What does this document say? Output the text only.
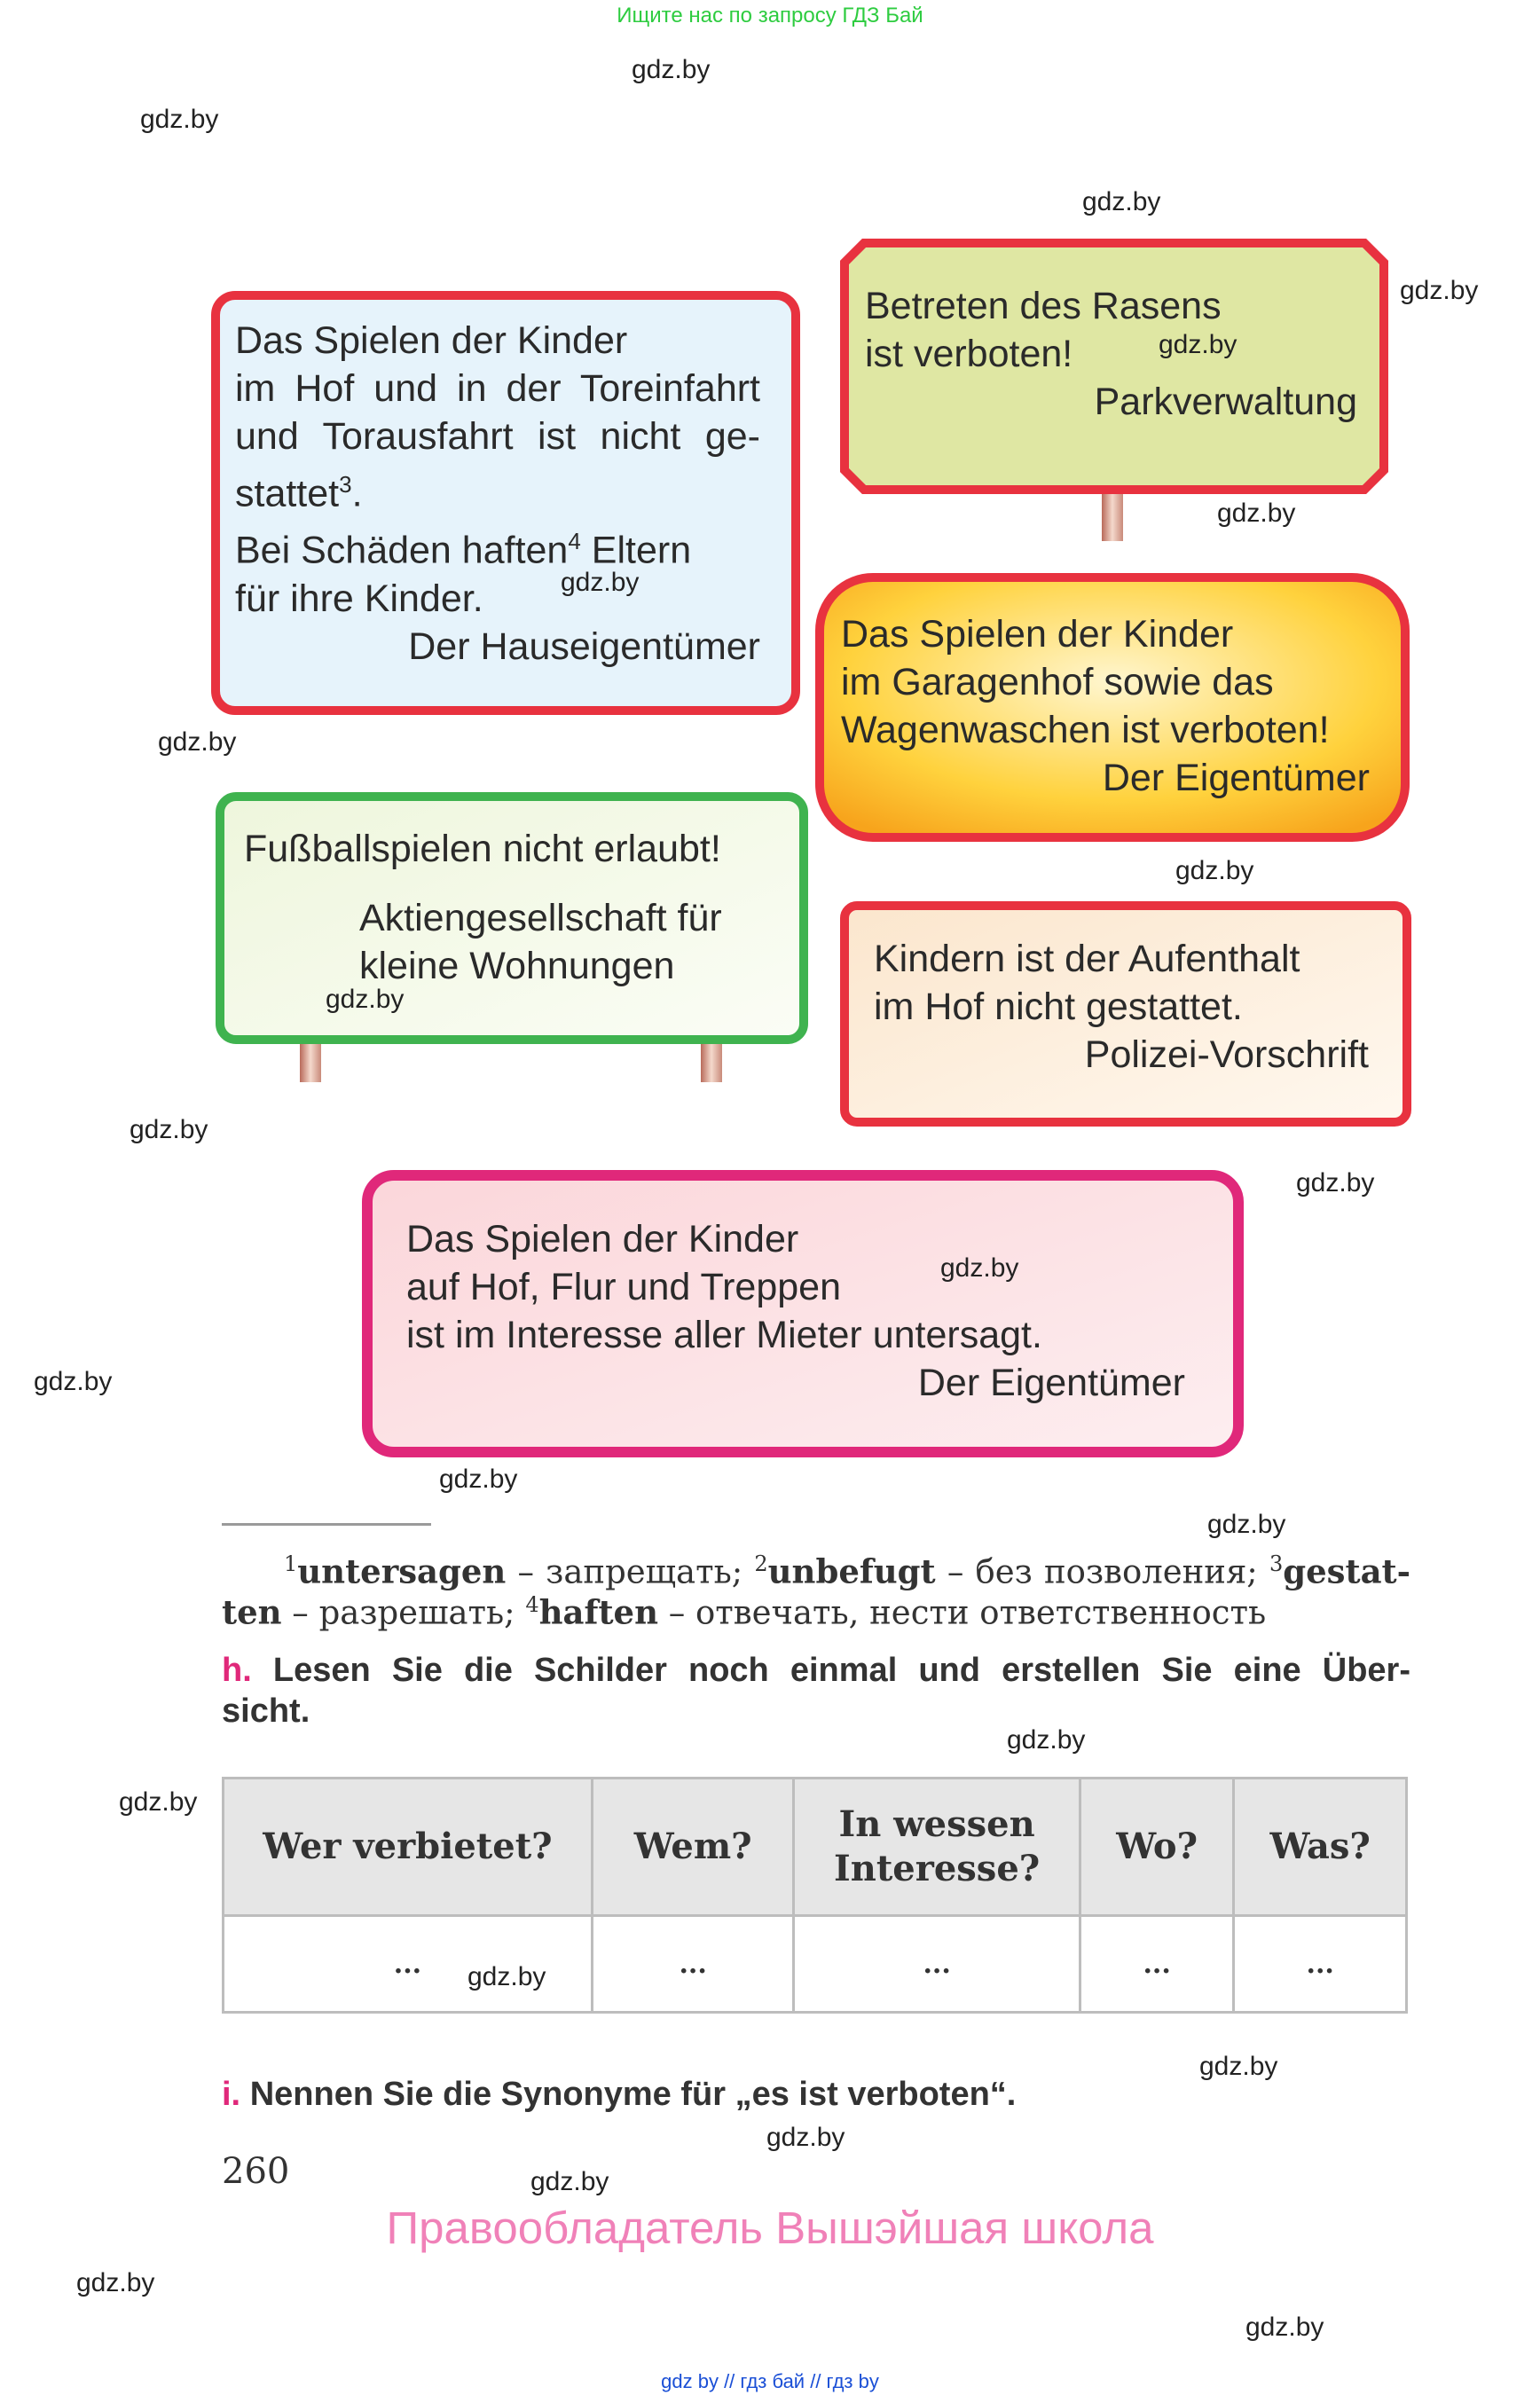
Ищите нас по запросу ГДЗ Бай
Das Spielen der Kinder
im Hof und in der Toreinfahrt
und Torausfahrt ist nicht ge-
stattet$^3$.
Bei Schäden haften$^4$ Eltern
für ihre Kinder.
Der Hauseigentümer
Betreten des Rasens
ist verboten!
Parkverwaltung
Das Spielen der Kinder
im Garagenhof sowie das
Wagenwaschen ist verboten!
Der Eigentümer
Fußballspielen nicht erlaubt!
Aktiengesellschaft für
kleine Wohnungen	Kindern ist der Aufenthalt
im Hof nicht gestattet.
Polizei-Vorschrift
Das Spielen der Kinder
auf Hof, Flur und Treppen
ist im Interesse aller Mieter untersagt.
Der Eigentümer
$^1$untersagen – запрещать; $^2$unbefugt – без позволения; $^3$gestat-
ten – разрешать; $^4$haften – отвечать, нести ответственность
h. Lesen Sie die Schilder noch einmal und erstellen Sie eine Über-
sicht.
Wer verbietet?	Wem?	In wessen
Interesse?	Wo?	Was?
...	...	...	...	...
i. Nennen Sie die Synonyme für „es ist verboten“.
260
Правообладатель Вышэйшая школа
gdz by // гдз бай // гдз by
gdz.by
gdz.by
gdz.by
gdz.by
gdz.by
gdz.by
gdz.by
gdz.by
gdz.by
gdz.by
gdz.by
gdz.by
gdz.by
gdz.by
gdz.by
gdz.by
gdz.by
gdz.by
gdz.by
gdz.by
gdz.by
gdz.by
gdz.by
gdz.by
